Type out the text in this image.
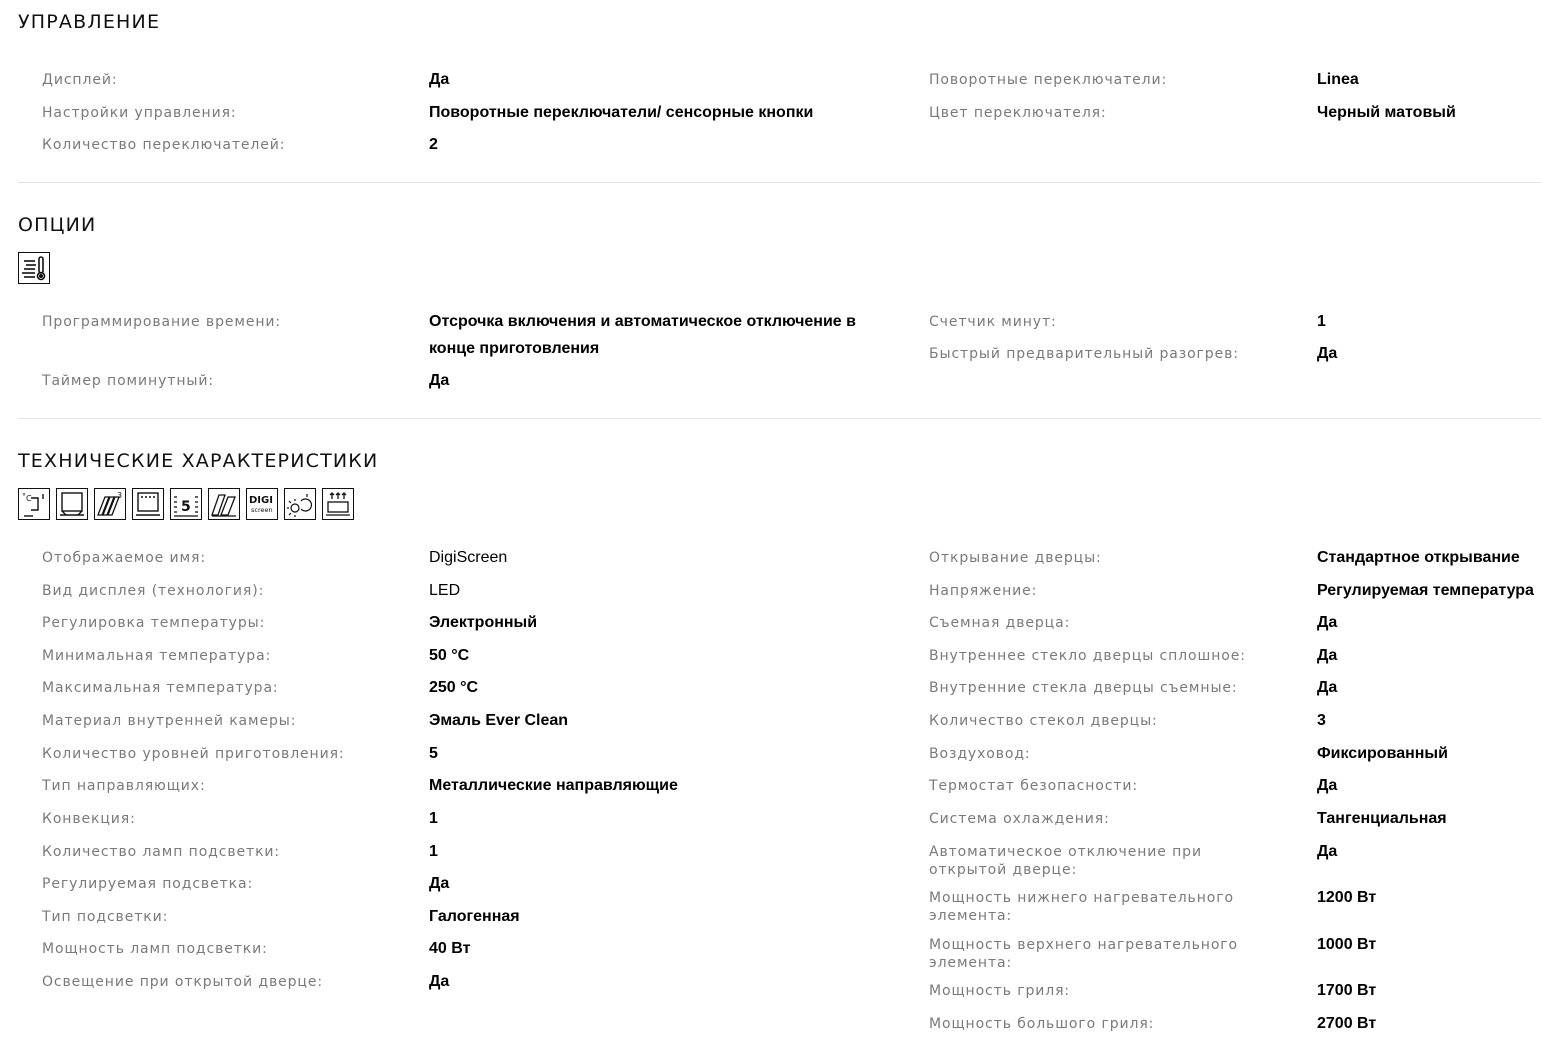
УПРАВЛЕНИЕ
Дисплей:	Да
Настройки управления:	Поворотные переключатели/ сенсорные кнопки
Количество переключателей:	2
Поворотные переключатели:	Linea
Цвет переключателя:	Черный матовый
ОПЦИИ
Программирование времени:	Отсрочка включения и автоматическое отключение в конце приготовления
Таймер поминутный:	Да
Счетчик минут:	1
Быстрый предварительный разогрев:	Да
ТЕХНИЧЕСКИЕ ХАРАКТЕРИСТИКИ
° C	3
5	DIGI
screen
Отображаемое имя:	DigiScreen
Вид дисплея (технология):	LED
Регулировка температуры:	Электронный
Минимальная температура:	50 °C
Максимальная температура:	250 °C
Материал внутренней камеры:	Эмаль Ever Clean
Количество уровней приготовления:	5
Тип направляющих:	Металлические направляющие
Конвекция:	1
Количество ламп подсветки:	1
Регулируемая подсветка:	Да
Тип подсветки:	Галогенная
Мощность ламп подсветки:	40 Вт
Освещение при открытой дверце:	Да
Открывание дверцы:	Стандартное открывание
Напряжение:	Регулируемая температура
Съемная дверца:	Да
Внутреннее стекло дверцы сплошное:	Да
Внутренние стекла дверцы съемные:	Да
Количество стекол дверцы:	3
Воздуховод:	Фиксированный
Термостат безопасности:	Да
Система охлаждения:	Тангенциальная
Автоматическое отключение при открытой дверце:
Да
Мощность нижнего нагревательного элемента:
1200 Вт
Мощность верхнего нагревательного элемента:
1000 Вт
Мощность гриля:	1700 Вт
Мощность большого гриля:	2700 Вт
